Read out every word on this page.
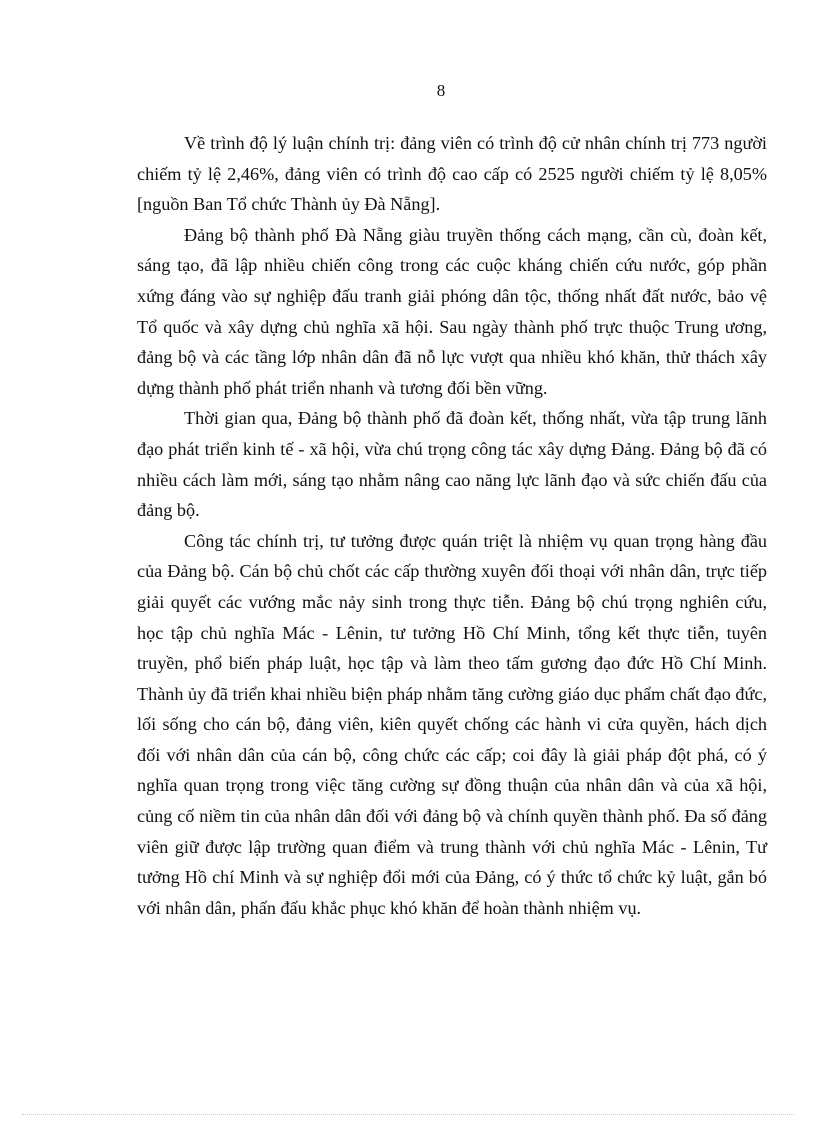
8

Về trình độ lý luận chính trị: đảng viên có trình độ cử nhân chính trị 773 người chiếm tỷ lệ 2,46%, đảng viên có trình độ cao cấp có 2525 người chiếm tỷ lệ 8,05% [nguồn Ban Tổ chức Thành ủy Đà Nẵng].

Đảng bộ thành phố Đà Nẵng giàu truyền thống cách mạng, cần cù, đoàn kết, sáng tạo, đã lập nhiều chiến công trong các cuộc kháng chiến cứu nước, góp phần xứng đáng vào sự nghiệp đấu tranh giải phóng dân tộc, thống nhất đất nước, bảo vệ Tổ quốc và xây dựng chủ nghĩa xã hội. Sau ngày thành phố trực thuộc Trung ương, đảng bộ và các tầng lớp nhân dân đã nỗ lực vượt qua nhiều khó khăn, thử thách xây dựng thành phố phát triển nhanh và tương đối bền vững.

Thời gian qua, Đảng bộ thành phố đã đoàn kết, thống nhất, vừa tập trung lãnh đạo phát triển kinh tế - xã hội, vừa chú trọng công tác xây dựng Đảng. Đảng bộ đã có nhiều cách làm mới, sáng tạo nhằm nâng cao năng lực lãnh đạo và sức chiến đấu của đảng bộ.

Công tác chính trị, tư tưởng được quán triệt là nhiệm vụ quan trọng hàng đầu của Đảng bộ. Cán bộ chủ chốt các cấp thường xuyên đối thoại với nhân dân, trực tiếp giải quyết các vướng mắc nảy sinh trong thực tiễn. Đảng bộ chú trọng nghiên cứu, học tập chủ nghĩa Mác - Lênin, tư tưởng Hồ Chí Minh, tổng kết thực tiễn, tuyên truyền, phổ biến pháp luật, học tập và làm theo tấm gương đạo đức Hồ Chí Minh. Thành ủy đã triển khai nhiều biện pháp nhằm tăng cường giáo dục phẩm chất đạo đức, lối sống cho cán bộ, đảng viên, kiên quyết chống các hành vi cửa quyền, hách dịch đối với nhân dân của cán bộ, công chức các cấp; coi đây là giải pháp đột phá, có ý nghĩa quan trọng trong việc tăng cường sự đồng thuận của nhân dân và của xã hội, củng cố niềm tin của nhân dân đối với đảng bộ và chính quyền thành phố. Đa số đảng viên giữ được lập trường quan điểm và trung thành với chủ nghĩa Mác - Lênin, Tư tưởng Hồ chí Minh và sự nghiệp đổi mới của Đảng, có ý thức tổ chức kỷ luật, gắn bó với nhân dân, phấn đấu khắc phục khó khăn để hoàn thành nhiệm vụ.
